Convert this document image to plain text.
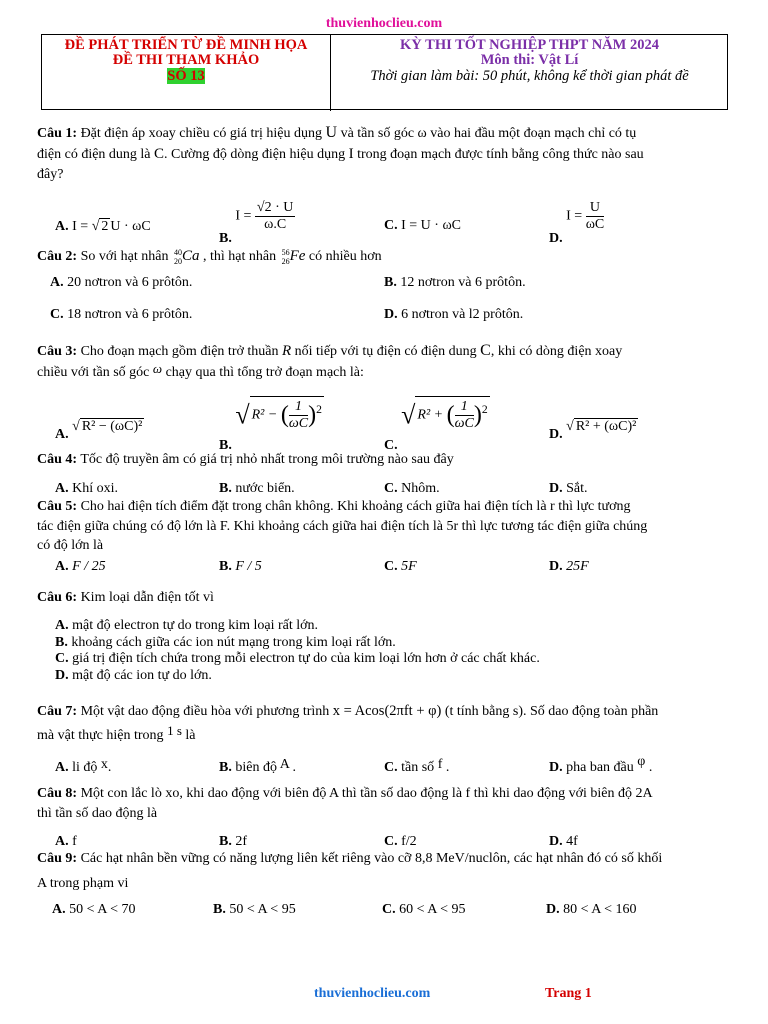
thuvienhoclieu.com
ĐỀ PHÁT TRIỂN TỪ ĐỀ MINH HỌA
ĐỀ THI THAM KHẢO
SỐ 13
KỲ THI TỐT NGHIỆP THPT NĂM 2024
Môn thi: Vật Lí
Thời gian làm bài: 50 phút, không kể thời gian phát đề
Câu 1: Đặt điện áp xoay chiều có giá trị hiệu dụng U và tần số góc ω vào hai đầu một đoạn mạch chỉ có tụ
điện có điện dung là C. Cường độ dòng điện hiệu dụng I trong đoạn mạch được tính bằng công thức nào sau
đây?
A. I = √ 2 U · ωC
B. $I = \frac{√2 \cdot U}{\omega.C}$	C. I = U · ωC
D. $I = \frac{U}{\omega C}$
Câu 2: So với hạt nhân 40
20 Ca , thì hạt nhân 56
26 Fe có nhiều hơn
A. 20 nơtron và 6 prôtôn.	B. 12 nơtron và 6 prôtôn.
C. 18 nơtron và 6 prôtôn.	D. 6 nơtron và l2 prôtôn.
Câu 3: Cho đoạn mạch gồm điện trở thuần R nối tiếp với tụ điện có điện dung C, khi có dòng điện xoay
chiều với tần số góc ω chạy qua thì tổng trở đoạn mạch là:
A. √ R² − (ωC)²
B. √ R² − ( $\frac{1}{\omega C} )^2$
C. √ R² + ( $\frac{1}{\omega C} )^2$
D. √ R² + (ωC)²
Câu 4: Tốc độ truyền âm có giá trị nhỏ nhất trong môi trường nào sau đây
A. Khí oxi.	B. nước biển.	C. Nhôm.	D. Sắt.
Câu 5: Cho hai điện tích điểm đặt trong chân không. Khi khoảng cách giữa hai điện tích là r thì lực tương
tác điện giữa chúng có độ lớn là F. Khi khoảng cách giữa hai điện tích là 5r thì lực tương tác điện giữa chúng
có độ lớn là
A. F / 25	B. F / 5	C. 5F	D. 25F
Câu 6: Kim loại dẫn điện tốt vì
A. mật độ electron tự do trong kim loại rất lớn.
B. khoảng cách giữa các ion nút mạng trong kim loại rất lớn.
C. giá trị điện tích chứa trong mỗi electron tự do của kim loại lớn hơn ở các chất khác.
D. mật độ các ion tự do lớn.
Câu 7: Một vật dao động điều hòa với phương trình x = Acos(2πft + φ) (t tính bằng s). Số dao động toàn phần
mà vật thực hiện trong 1 s là
A. li độ x.	B. biên độ A .	C. tần số f .	D. pha ban đầu φ .
Câu 8: Một con lắc lò xo, khi dao động với biên độ A thì tần số dao động là f thì khi dao động với biên độ 2A
thì tần số dao động là
A. f	B. 2f	C. f/2	D. 4f
Câu 9: Các hạt nhân bền vững có năng lượng liên kết riêng vào cỡ 8,8 MeV/nuclôn, các hạt nhân đó có số khối
A trong phạm vi
A. 50 < A < 70	B. 50 < A < 95	C. 60 < A < 95	D. 80 < A < 160
thuvienhoclieu.com	Trang 1
